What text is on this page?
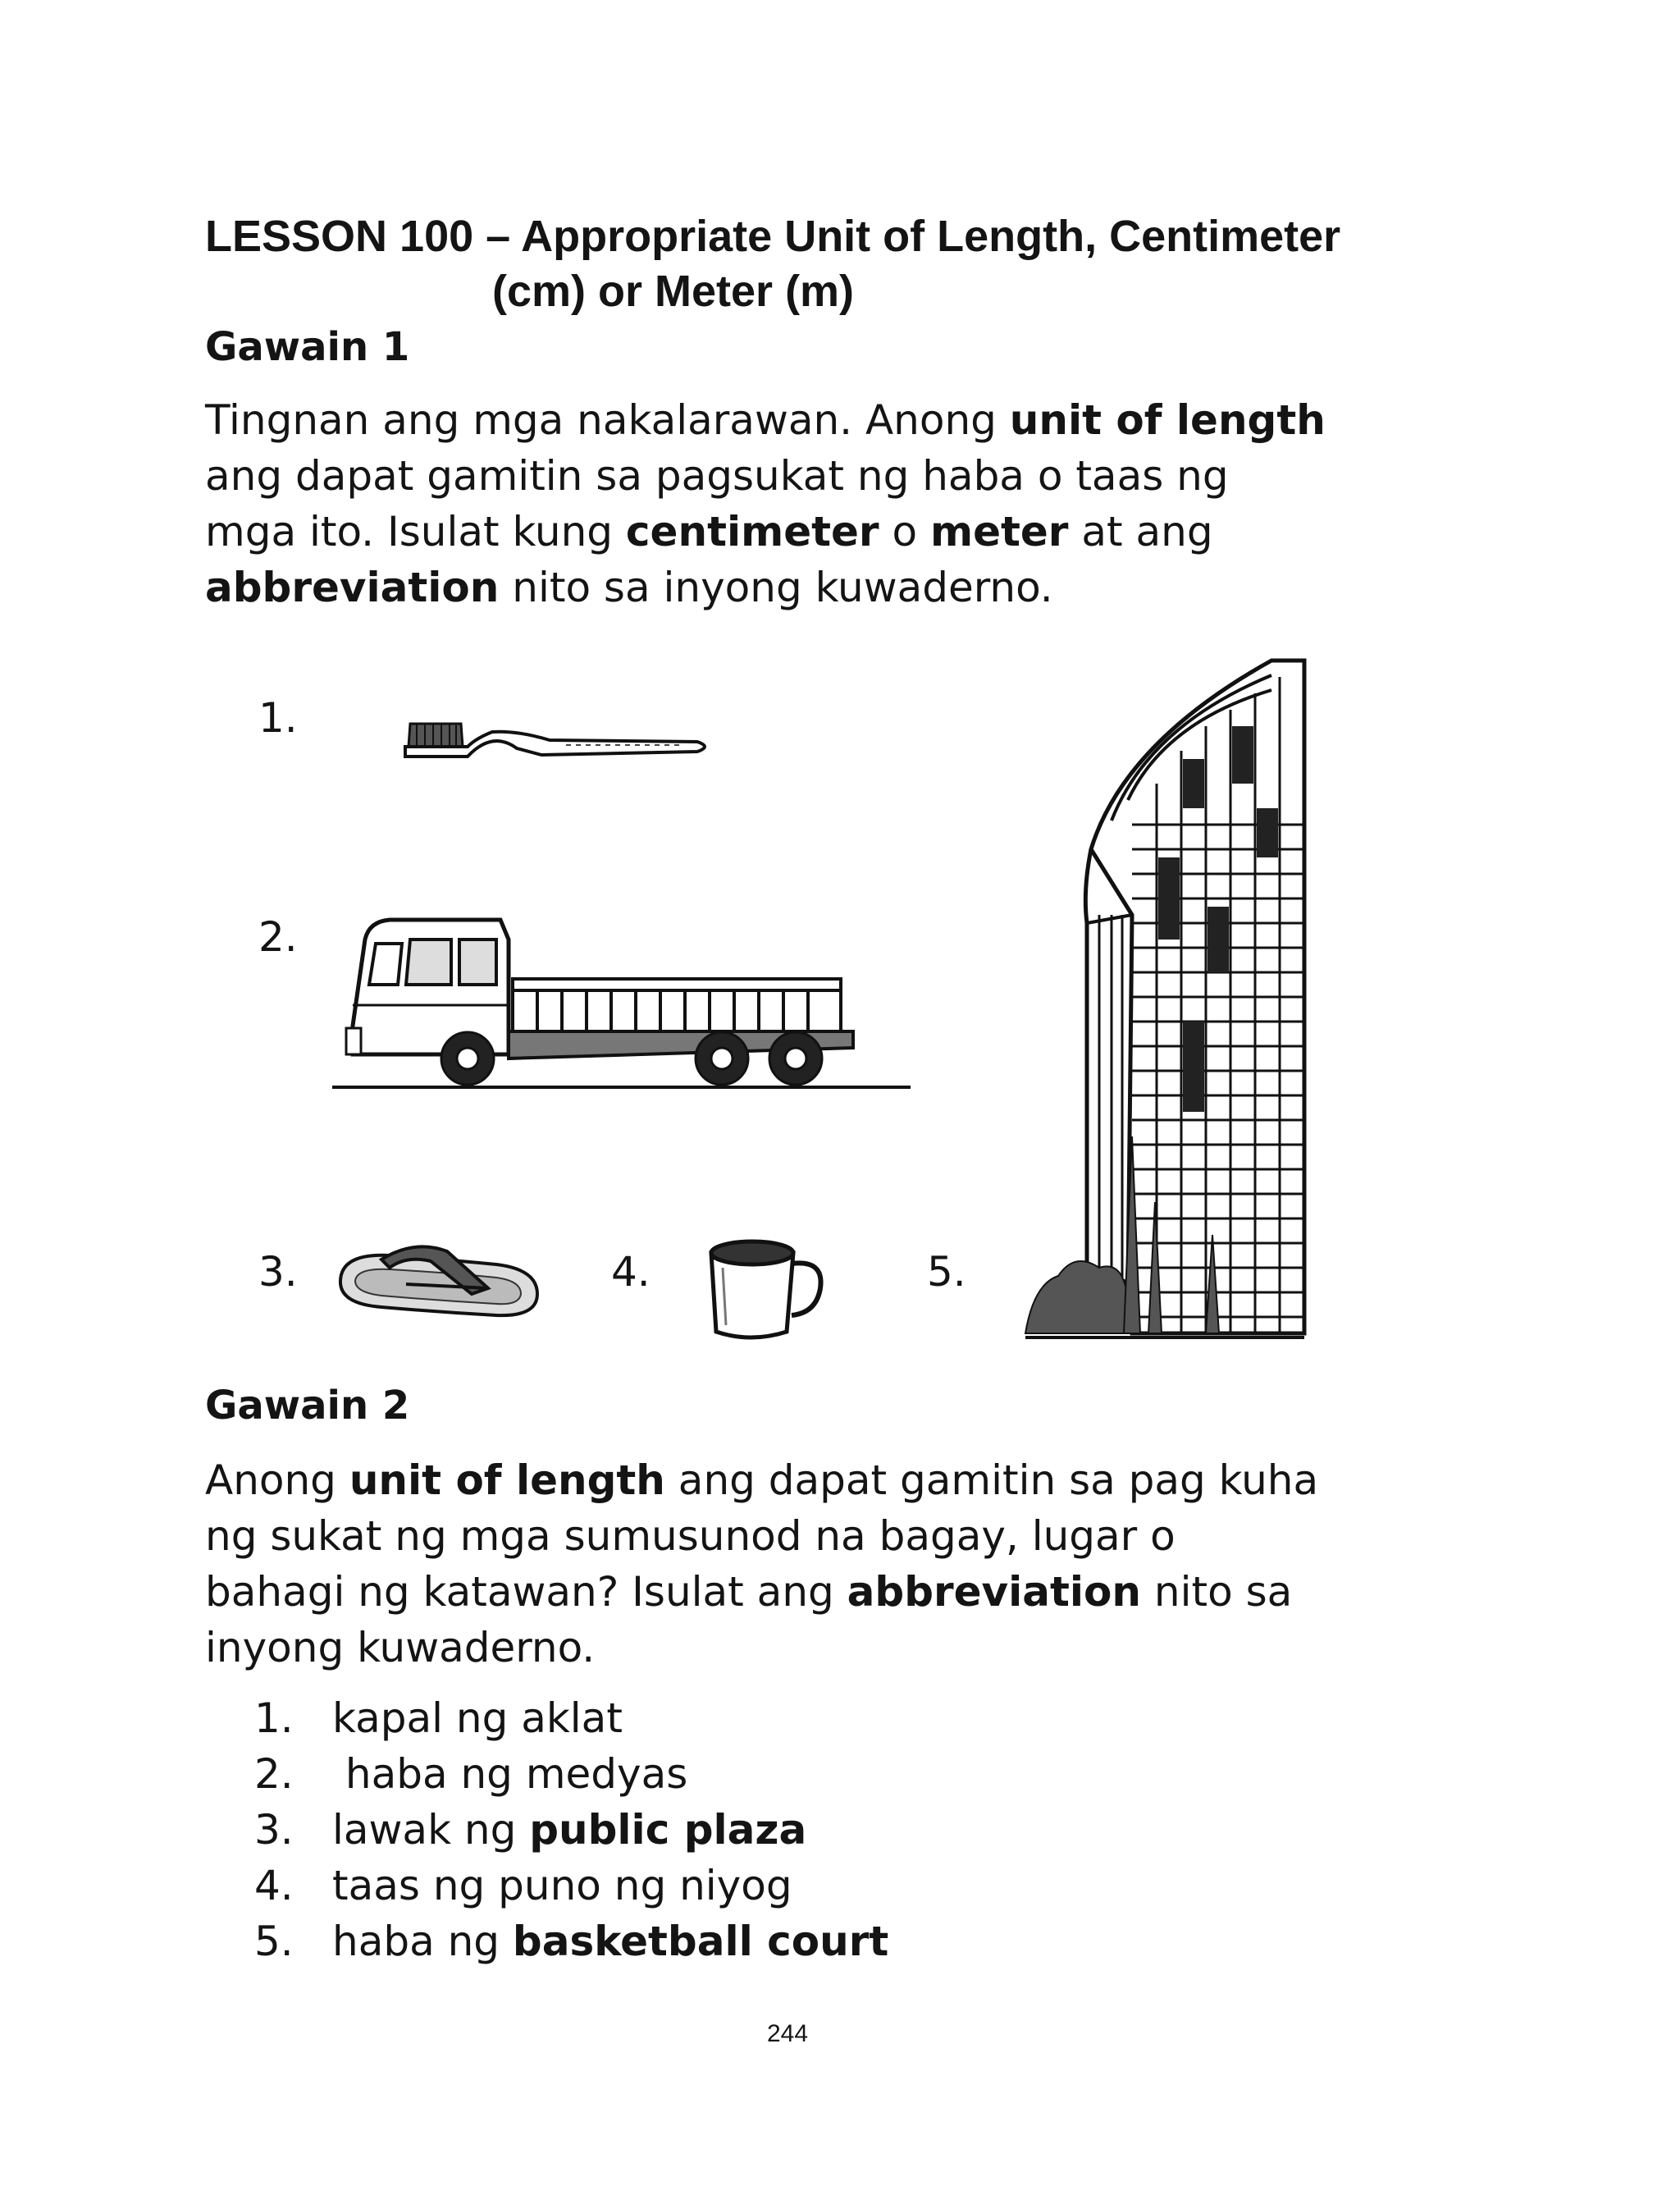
LESSON 100 – Appropriate Unit of Length, Centimeter
(cm) or Meter (m)
Gawain 1
Tingnan ang mga nakalarawan. Anong unit of length
ang dapat gamitin sa pagsukat ng haba o taas ng
mga ito. Isulat kung centimeter o meter at ang
abbreviation nito sa inyong kuwaderno.
1.
2.
3.	4.	5.
Gawain 2
Anong unit of length ang dapat gamitin sa pag kuha
ng sukat ng mga sumusunod na bagay, lugar o
bahagi ng katawan? Isulat ang abbreviation nito sa
inyong kuwaderno.
1. kapal ng aklat
2. haba ng medyas
3. lawak ng public plaza
4. taas ng puno ng niyog
5. haba ng basketball court
244
